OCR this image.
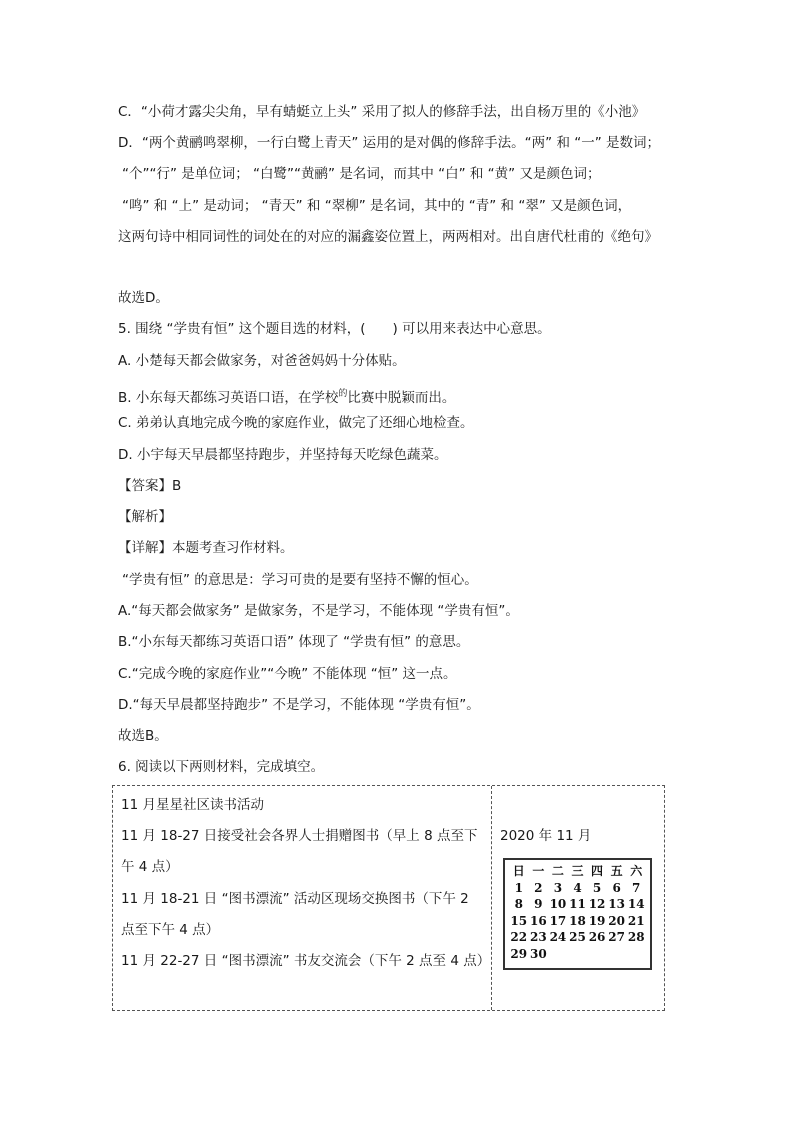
C．“小荷才露尖尖角，早有蜻蜓立上头” 采用了拟人的修辞手法，出自杨万里的《小池》
D．“两个黄鹂鸣翠柳，一行白鹭上青天” 运用的是对偶的修辞手法。“两” 和 “一” 是数词；
“个”“行” 是单位词； “白鹭”“黄鹂” 是名词，而其中 “白” 和 “黄” 又是颜色词；
“鸣” 和 “上” 是动词； “青天” 和 “翠柳” 是名词，其中的 “青” 和 “翠” 又是颜色词，
这两句诗中相同词性的词处在的对应的漏鑫姿位置上，两两相对。出自唐代杜甫的《绝句》
故选D。
5. 围绕 “学贵有恒” 这个题目选的材料，(　　) 可以用来表达中心意思。
A. 小楚每天都会做家务，对爸爸妈妈十分体贴。
B. 小东每天都练习英语口语，在学校$^的$比赛中脱颖而出。
C. 弟弟认真地完成今晚的家庭作业，做完了还细心地检查。
D. 小宇每天早晨都坚持跑步，并坚持每天吃绿色蔬菜。
【答案】B
【解析】
【详解】本题考查习作材料。
“学贵有恒” 的意思是：学习可贵的是要有坚持不懈的恒心。
A.“每天都会做家务” 是做家务，不是学习，不能体现 “学贵有恒”。
B.“小东每天都练习英语口语” 体现了 “学贵有恒” 的意思。
C.“完成今晚的家庭作业”“今晚” 不能体现 “恒” 这一点。
D.“每天早晨都坚持跑步” 不是学习，不能体现 “学贵有恒”。
故选B。
6. 阅读以下两则材料，完成填空。
11 月星星社区读书活动
11 月 18-27 日接受社会各界人士捐赠图书（早上 8 点至下
午 4 点）
11 月 18-21 日 “图书漂流” 活动区现场交换图书（下午 2
点至下午 4 点）
11 月 22-27 日 “图书漂流” 书友交流会（下午 2 点至 4 点）
2020 年 11 月
日 一 二 三 四 五 六
1 2 3 4 5 6 7
8 9 10 11 12 13 14
15 16 17 18 19 20 21
22 23 24 25 26 27 28
29 30
